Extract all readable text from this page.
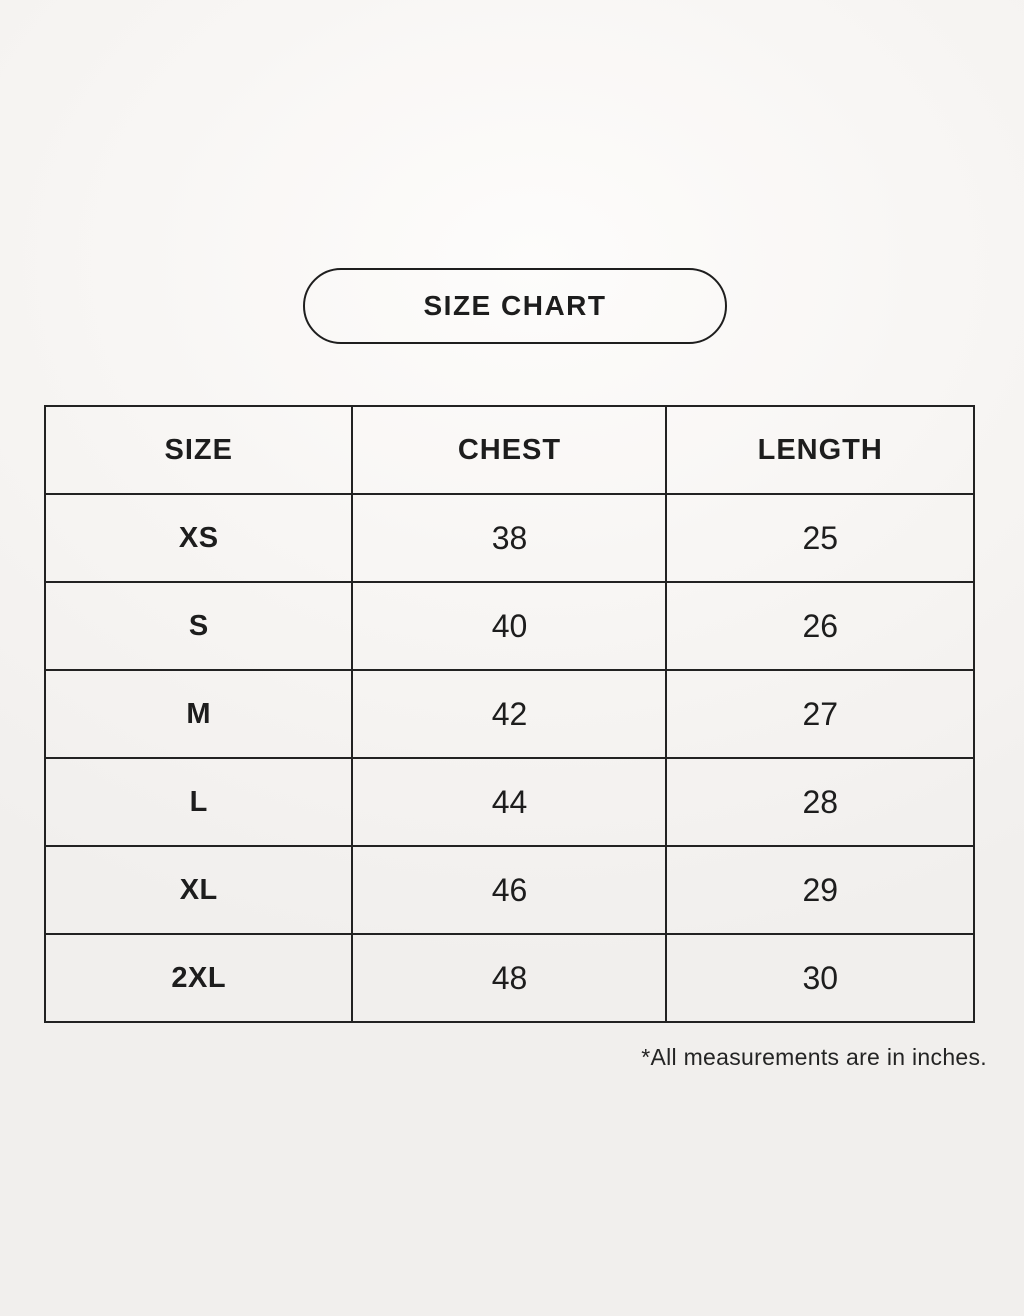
SIZE CHART
SIZE	CHEST	LENGTH
XS	38	25
S	40	26
M	42	27
L	44	28
XL	46	29
2XL	48	30
*All measurements are in inches.
